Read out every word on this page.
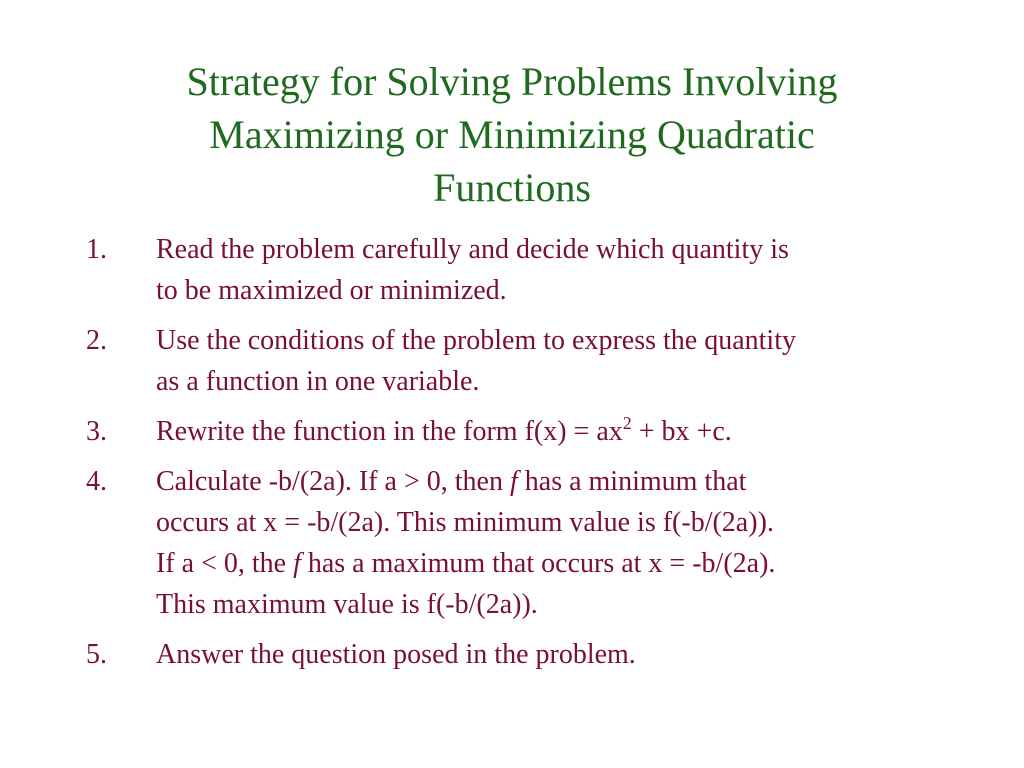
Strategy for Solving Problems Involving
Maximizing or Minimizing Quadratic
Functions
1. Read the problem carefully and decide which quantity is
to be maximized or minimized.
2. Use the conditions of the problem to express the quantity
as a function in one variable.
3. Rewrite the function in the form $f(x) = ax^2$ + bx +c.
4. Calculate -b/(2a). If a > 0, then f has a minimum that
occurs at x = -b/(2a). This minimum value is f(-b/(2a)).
If a < 0, the f has a maximum that occurs at x = -b/(2a).
This maximum value is f(-b/(2a)).
5. Answer the question posed in the problem.
